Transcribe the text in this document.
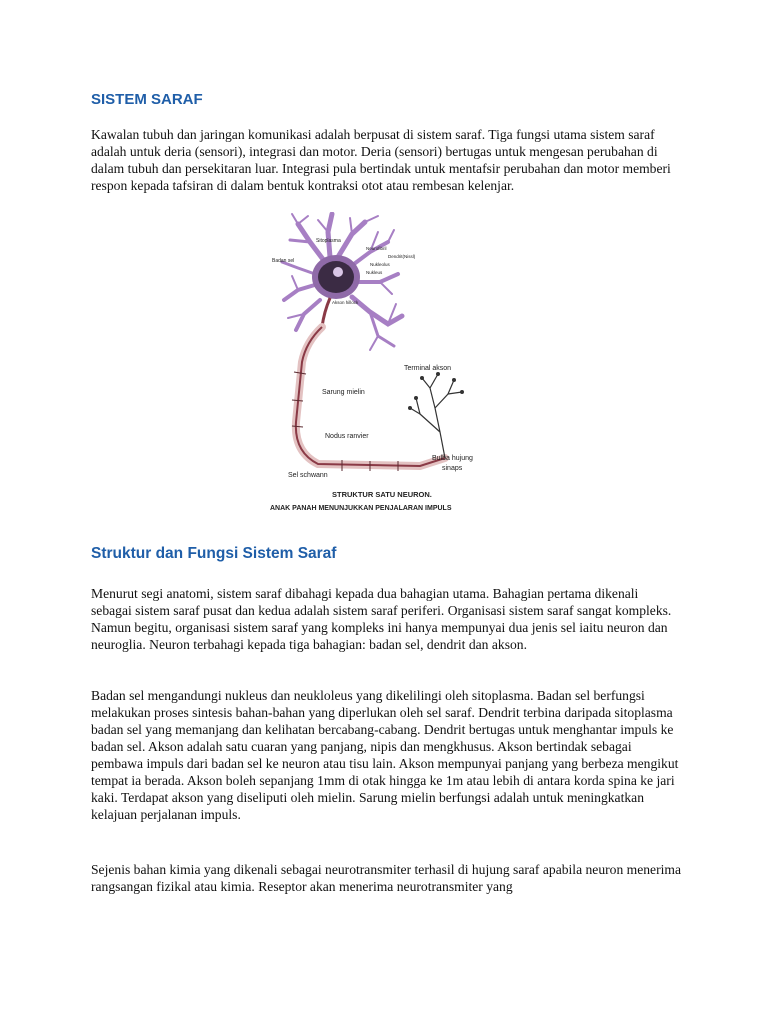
SISTEM SARAF

Kawalan tubuh dan jaringan komunikasi adalah berpusat di sistem saraf. Tiga fungsi utama sistem saraf adalah untuk deria (sensori), integrasi dan motor. Deria (sensori) bertugas untuk mengesan perubahan di dalam tubuh dan persekitaran luar. Integrasi pula bertindak untuk mentafsir perubahan dan motor memberi respon kepada tafsiran di dalam bentuk kontraksi otot atau rembesan kelenjar.

Sitoplasma
Badan sel
Neurofibril
Dendrit(Nissl)
Nukleolus
Nukleus
Akson hillock
Terminal akson
Sarung mielin
Nodus ranvier
Bulba hujung
sinaps
Sel schwann
STRUKTUR SATU NEURON.
ANAK PANAH MENUNJUKKAN PENJALARAN IMPULS
Struktur dan Fungsi Sistem Saraf

Menurut segi anatomi, sistem saraf dibahagi kepada dua bahagian utama. Bahagian pertama dikenali sebagai sistem saraf pusat dan kedua adalah sistem saraf periferi. Organisasi sistem saraf sangat kompleks. Namun begitu, organisasi sistem saraf yang kompleks ini hanya mempunyai dua jenis sel iaitu neuron dan neuroglia. Neuron terbahagi kepada tiga bahagian: badan sel, dendrit dan akson.

Badan sel mengandungi nukleus dan neukloleus yang dikelilingi oleh sitoplasma. Badan sel berfungsi melakukan proses sintesis bahan-bahan yang diperlukan oleh sel saraf. Dendrit terbina daripada sitoplasma badan sel yang memanjang dan kelihatan bercabang-cabang. Dendrit bertugas untuk menghantar impuls ke badan sel. Akson adalah satu cuaran yang panjang, nipis dan mengkhusus. Akson bertindak sebagai pembawa impuls dari badan sel ke neuron atau tisu lain. Akson mempunyai panjang yang berbeza mengikut tempat ia berada. Akson boleh sepanjang 1mm di otak hingga ke 1m atau lebih di antara korda spina ke jari kaki. Terdapat akson yang diseliputi oleh mielin. Sarung mielin berfungsi adalah untuk meningkatkan kelajuan perjalanan impuls.

Sejenis bahan kimia yang dikenali sebagai neurotransmiter terhasil di hujung saraf apabila neuron menerima rangsangan fizikal atau kimia. Reseptor akan menerima neurotransmiter yang
